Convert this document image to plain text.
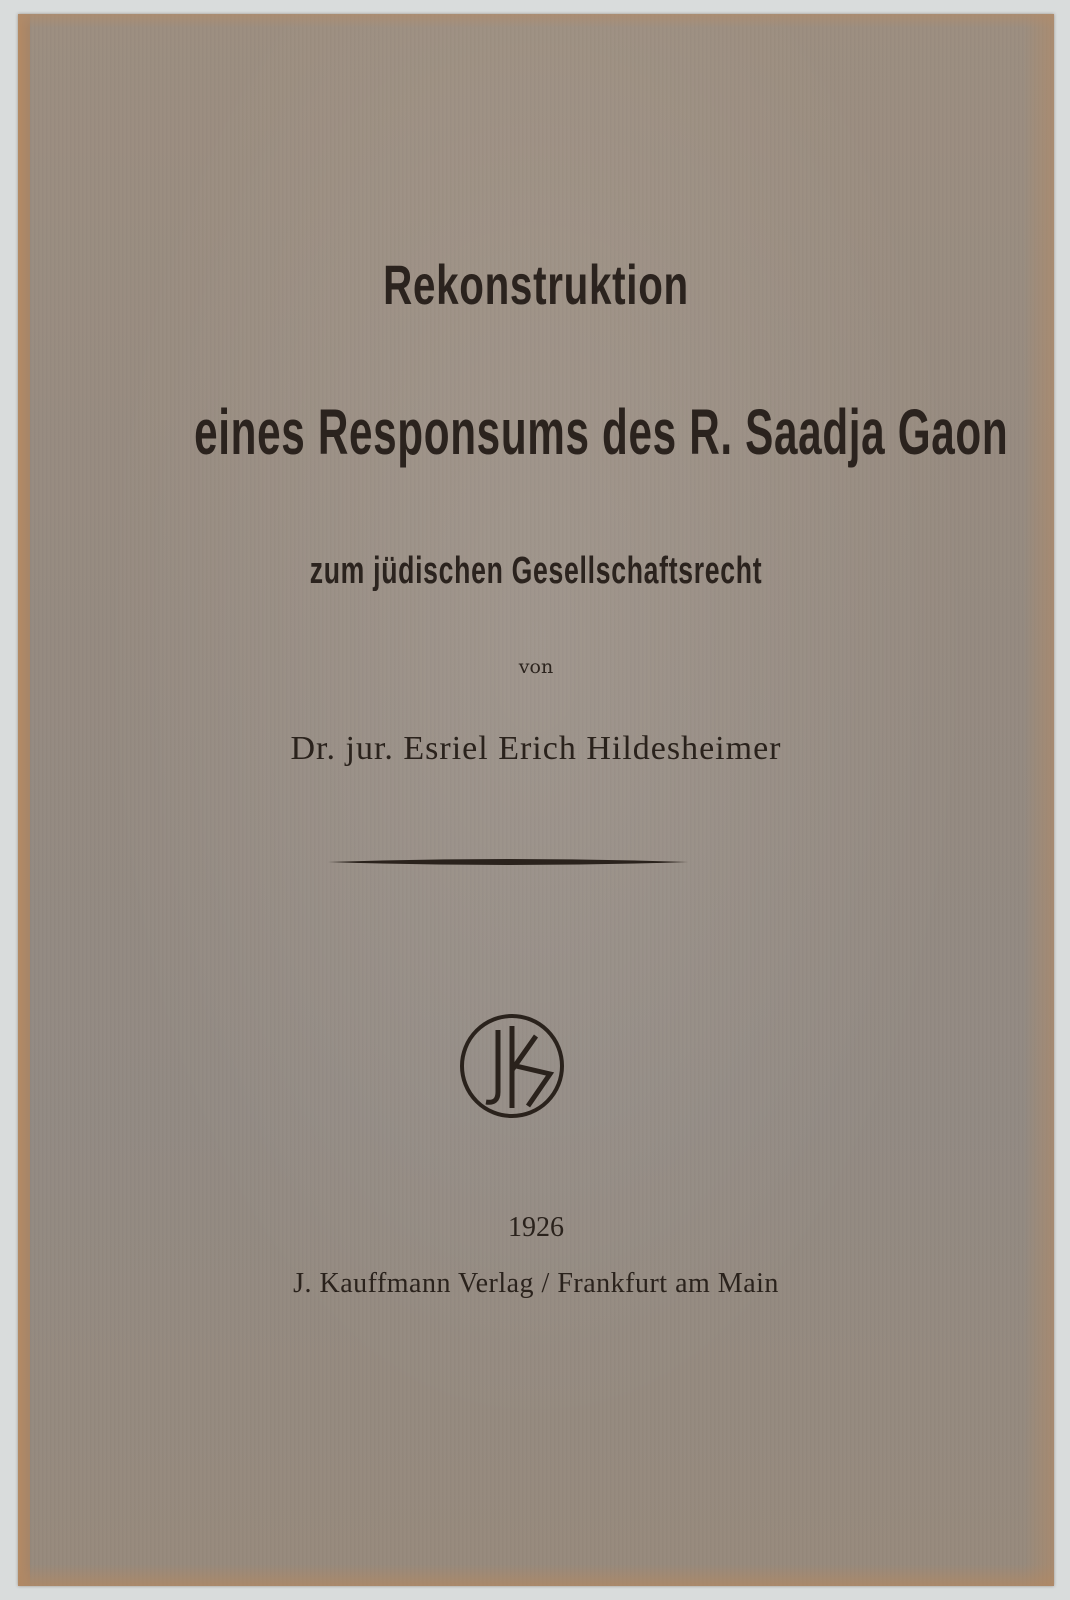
Rekonstruktion
eines Responsums des R. Saadja Gaon
zum jüdischen Gesellschaftsrecht
von
Dr. jur. Esriel Erich Hildesheimer
1926
J. Kauffmann Verlag / Frankfurt am Main
